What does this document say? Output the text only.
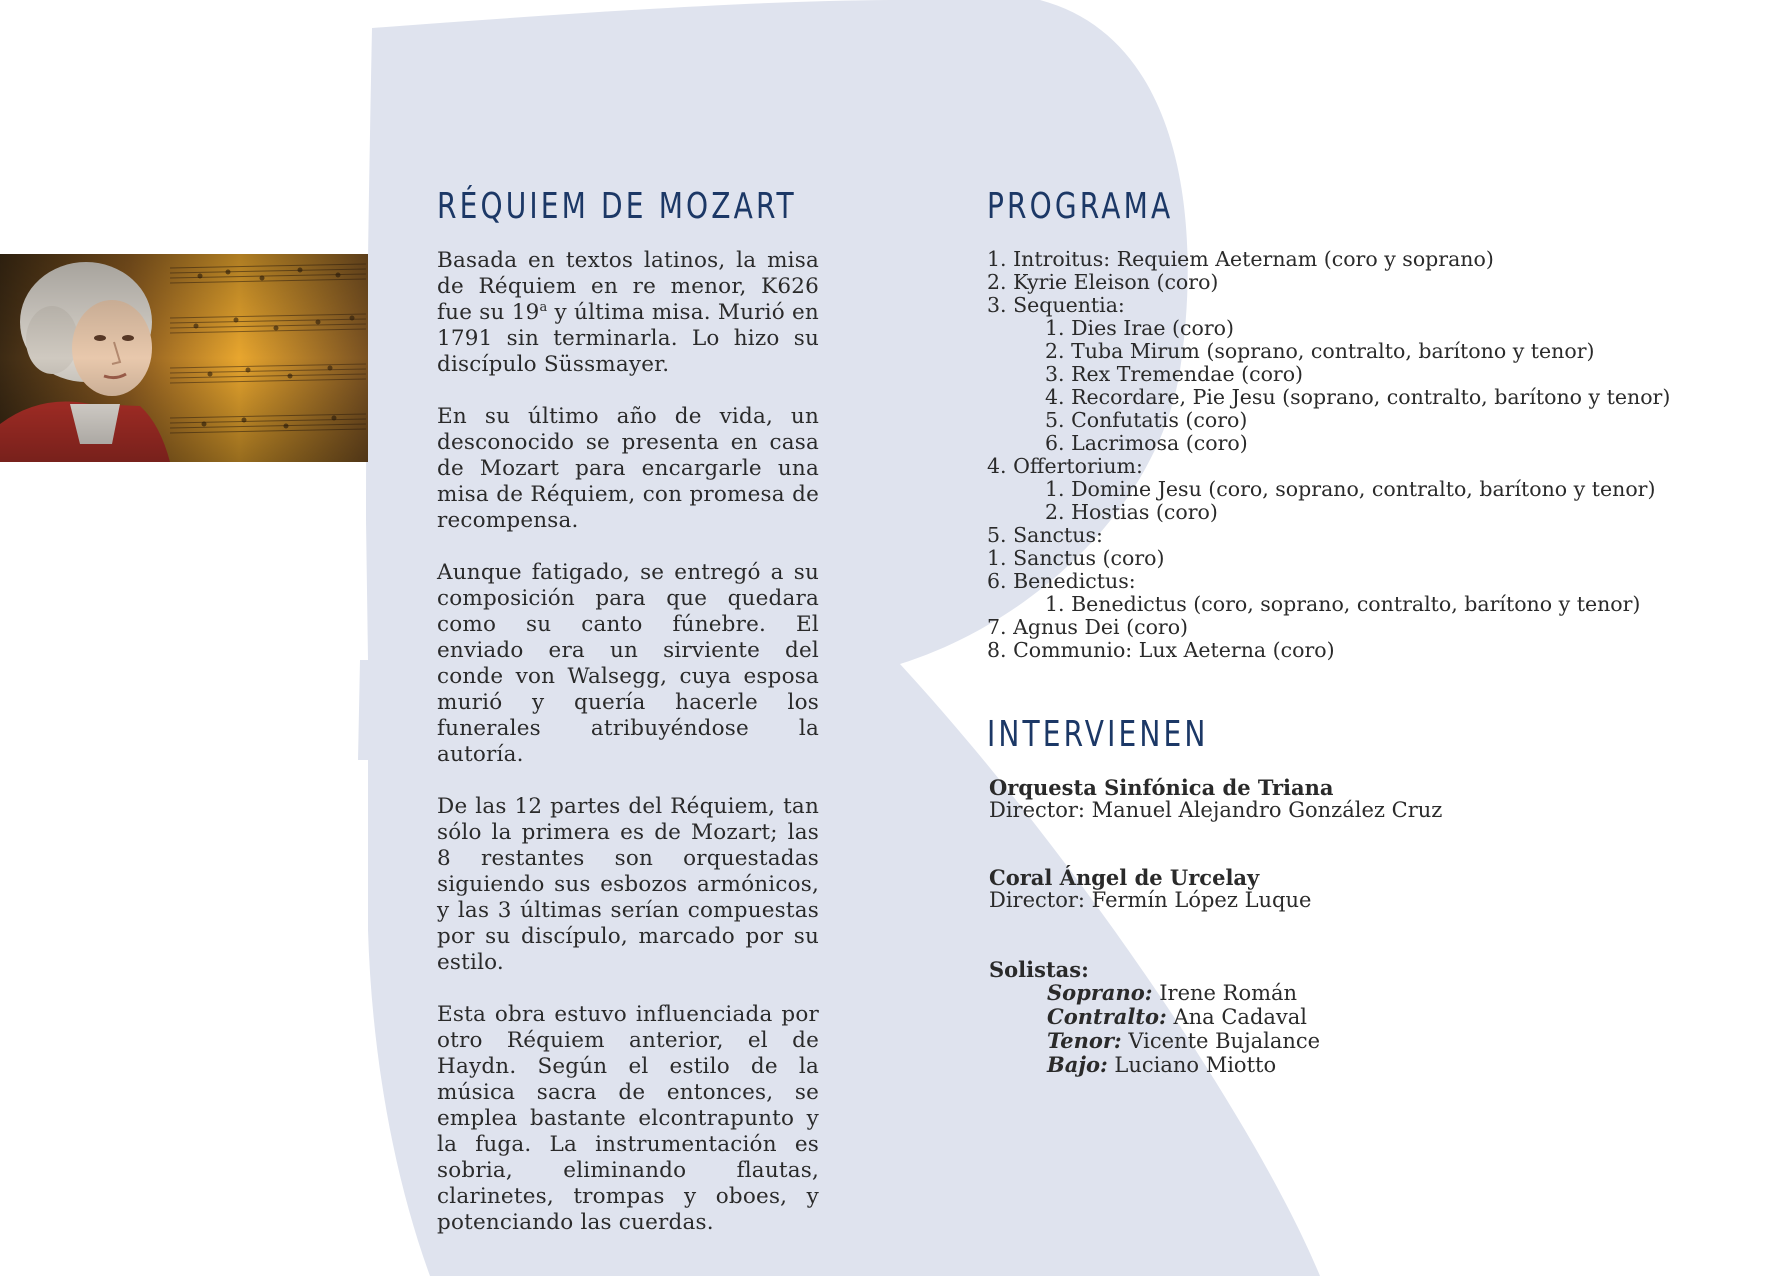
RÉQUIEM DE MOZART

Basada en textos latinos, la misa de Réquiem en re menor, K626 fue su 19$^a$ y última misa. Murió en 1791 sin terminarla. Lo hizo su discípulo Süssmayer.

En su último año de vida, un desconocido se presenta en casa de Mozart para encargarle una misa de Réquiem, con promesa de recompensa.

Aunque fatigado, se entregó a su composición para que quedara como su canto fúnebre. El enviado era un sirviente del conde von Walsegg, cuya esposa murió y quería hacerle los funerales atribuyéndose la autoría.

De las 12 partes del Réquiem, tan sólo la primera es de Mozart; las 8 restantes son orquestadas siguiendo sus esbozos armónicos, y las 3 últimas serían compuestas por su discípulo, marcado por su estilo.

Esta obra estuvo influenciada por otro Réquiem anterior, el de Haydn. Según el estilo de la música sacra de entonces, se emplea bastante elcontrapunto y la fuga. La instrumentación es sobria, eliminando flautas, clarinetes, trompas y oboes, y potenciando las cuerdas.

PROGRAMA
1. Introitus: Requiem Aeternam (coro y soprano)
2. Kyrie Eleison (coro)
3. Sequentia:
1. Dies Irae (coro)
2. Tuba Mirum (soprano, contralto, barítono y tenor)
3. Rex Tremendae (coro)
4. Recordare, Pie Jesu (soprano, contralto, barítono y tenor)
5. Confutatis (coro)
6. Lacrimosa (coro)
4. Offertorium:
1. Domine Jesu (coro, soprano, contralto, barítono y tenor)
2. Hostias (coro)
5. Sanctus:
1. Sanctus (coro)
6. Benedictus:
1. Benedictus (coro, soprano, contralto, barítono y tenor)
7. Agnus Dei (coro)
8. Communio: Lux Aeterna (coro)
INTERVIENEN
Orquesta Sinfónica de Triana
Director: Manuel Alejandro González Cruz
Coral Ángel de Urcelay
Director: Fermín López Luque
Solistas:
Soprano: Irene Román
Contralto: Ana Cadaval
Tenor: Vicente Bujalance
Bajo: Luciano Miotto
